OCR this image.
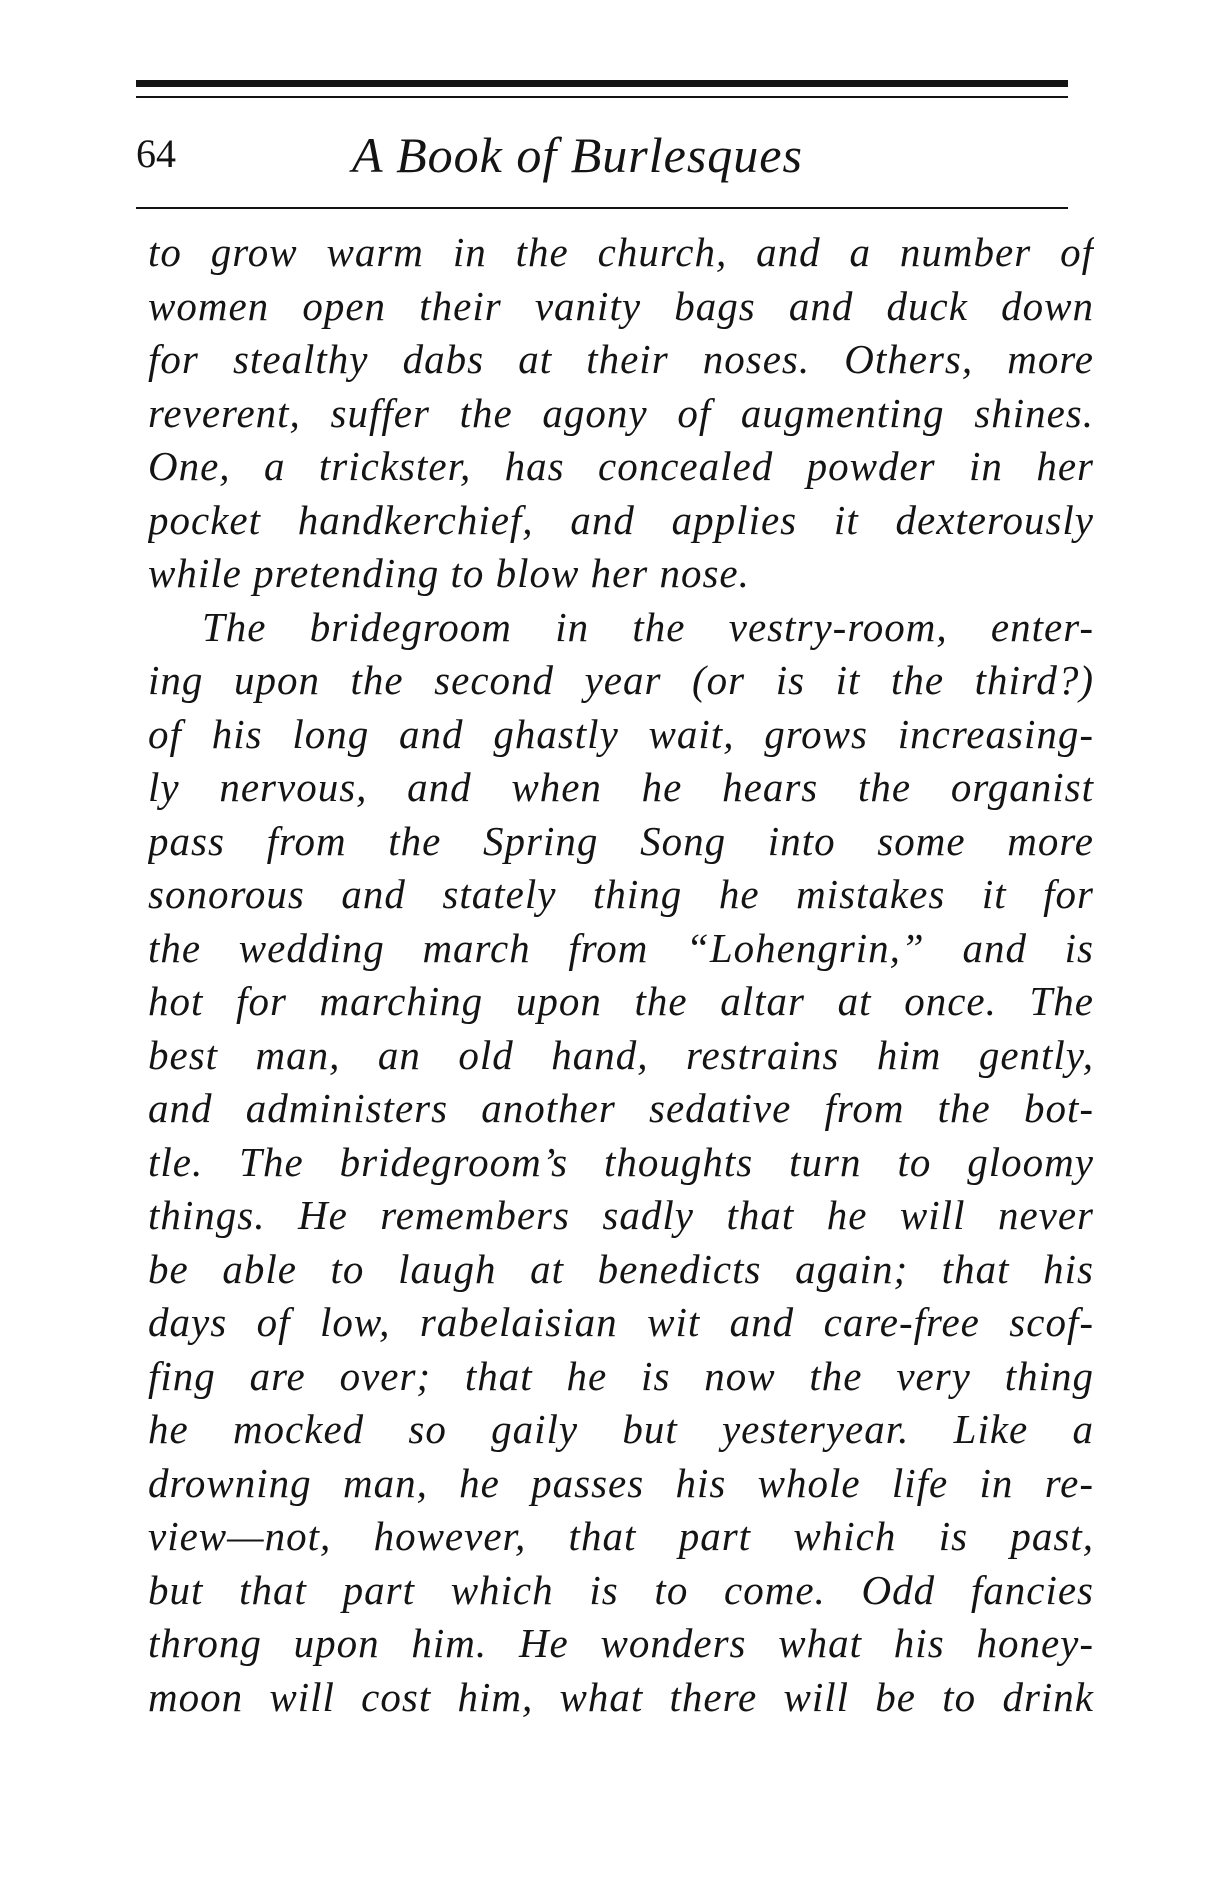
64	A Book of Burlesques
to grow warm in the church, and a number of
women open their vanity bags and duck down
for stealthy dabs at their noses. Others, more
reverent, suffer the agony of augmenting shines.
One, a trickster, has concealed powder in her
pocket handkerchief, and applies it dexterously
while pretending to blow her nose.
The bridegroom in the vestry-room, enter-
ing upon the second year (or is it the third?)
of his long and ghastly wait, grows increasing-
ly nervous, and when he hears the organist
pass from the Spring Song into some more
sonorous and stately thing he mistakes it for
the wedding march from “Lohengrin,” and is
hot for marching upon the altar at once. The
best man, an old hand, restrains him gently,
and administers another sedative from the bot-
tle. The bridegroom’s thoughts turn to gloomy
things. He remembers sadly that he will never
be able to laugh at benedicts again; that his
days of low, rabelaisian wit and care-free scof-
fing are over; that he is now the very thing
he mocked so gaily but yesteryear. Like a
drowning man, he passes his whole life in re-
view—not, however, that part which is past,
but that part which is to come. Odd fancies
throng upon him. He wonders what his honey-
moon will cost him, what there will be to drink
